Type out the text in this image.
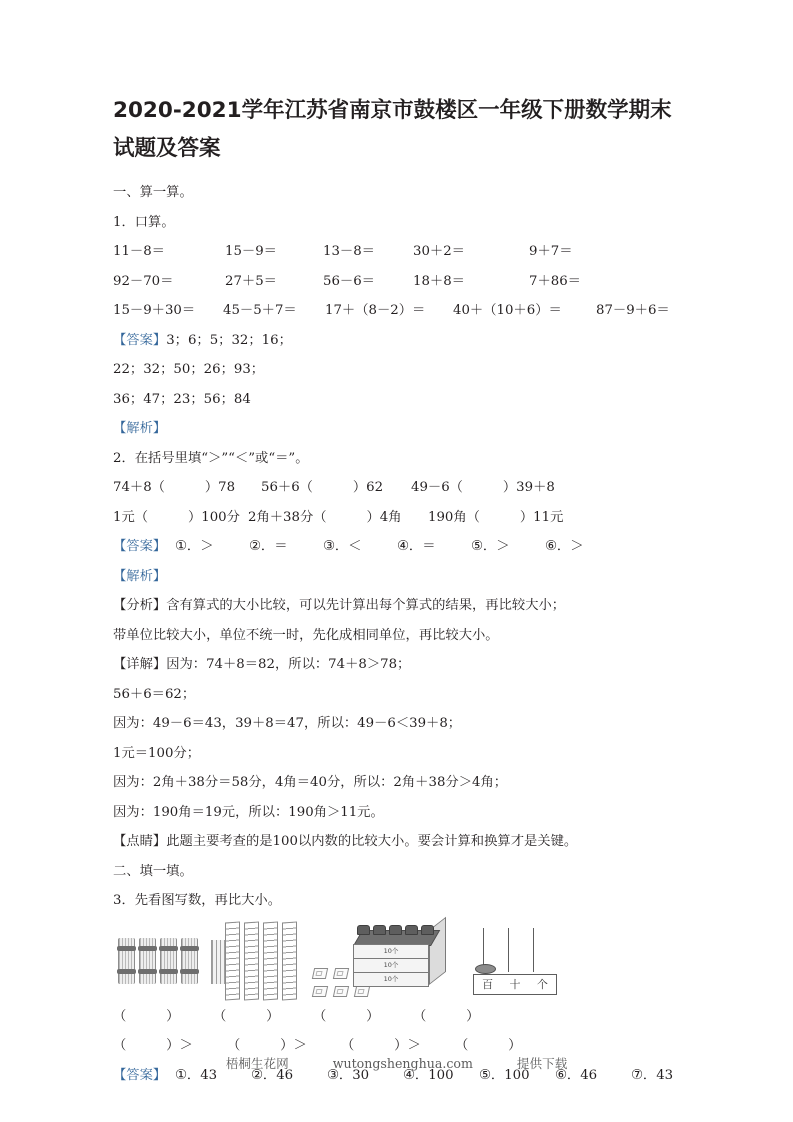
2020-2021学年江苏省南京市鼓楼区一年级下册数学期末试题及答案
一、算一算。
1．口算。
11－8＝	15－9＝	13－8＝	30＋2＝	9＋7＝
92－70＝	27＋5＝	56－6＝	18＋8＝	7＋86＝
15－9＋30＝	45－5＋7＝	17＋（8－2）＝	40＋（10＋6）＝	87－9＋6＝
【答案】3；6；5；32；16；
22；32；50；26；93；
36；47；23；56；84
【解析】
2．在括号里填“＞”“＜”或“＝”。
74＋8（　　　）78	56＋6（　　　）62	49－6（　　　）39＋8
1元（　　　）100分 2角＋38分（　　　）4角	190角（　　　）11元
【答案】 ①．＞	②．＝	③．＜	④．＝	⑤．＞	⑥．＞
【解析】
【分析】含有算式的大小比较，可以先计算出每个算式的结果，再比较大小；
带单位比较大小，单位不统一时，先化成相同单位，再比较大小。
【详解】因为：74＋8＝82，所以：74＋8＞78；
56＋6＝62；
因为：49－6＝43，39＋8＝47，所以：49－6＜39＋8；
1元＝100分；
因为：2角＋38分＝58分，4角＝40分，所以：2角＋38分＞4角；
因为：190角＝19元，所以：190角＞11元。
【点睛】此题主要考查的是100以内数的比较大小。要会计算和换算才是关键。
二、填一填。
3．先看图写数，再比大小。
10个
10个
10个	百 十 个
（　　　）	（　　　）	（　　　）	（　　　）
（　　　）＞	（　　　）＞	（　　　）＞	（　　　）
【答案】 ①．43	②．46	③．30	④．100	⑤．100	⑥．46	⑦．43
梧桐生花网	wutongshenghua.com	提供下载
